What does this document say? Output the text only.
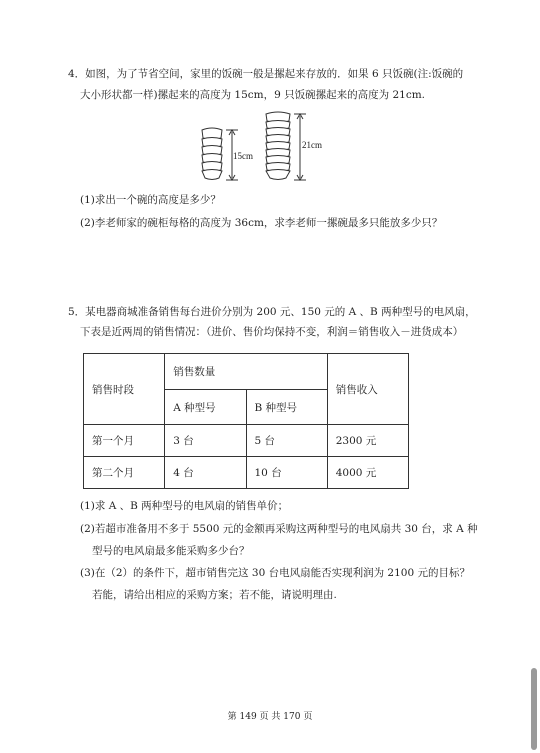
4．如图，为了节省空间，家里的饭碗一般是摞起来存放的．如果 6 只饭碗(注:饭碗的
大小形状都一样)摞起来的高度为 15cm，9 只饭碗摞起来的高度为 21cm.
15cm
21cm
(1)求出一个碗的高度是多少？
(2)李老师家的碗柜每格的高度为 36cm，求李老师一摞碗最多只能放多少只？
5．某电器商城准备销售每台进价分别为 200 元、150 元的 A 、B 两种型号的电风扇，
下表是近两周的销售情况：（进价、售价均保持不变，利润＝销售收入－进货成本）
销售时段	销售数量		销售收入
	A 种型号	B 种型号	
第一个月	3 台	5 台	2300 元
第二个月	4 台	10 台	4000 元
(1)求 A 、B 两种型号的电风扇的销售单价；
(2)若超市准备用不多于 5500 元的金额再采购这两种型号的电风扇共 30 台，求 A 种
型号的电风扇最多能采购多少台？
(3)在（2）的条件下，超市销售完这 30 台电风扇能否实现利润为 2100 元的目标？
若能，请给出相应的采购方案；若不能，请说明理由.
第 149 页 共 170 页
